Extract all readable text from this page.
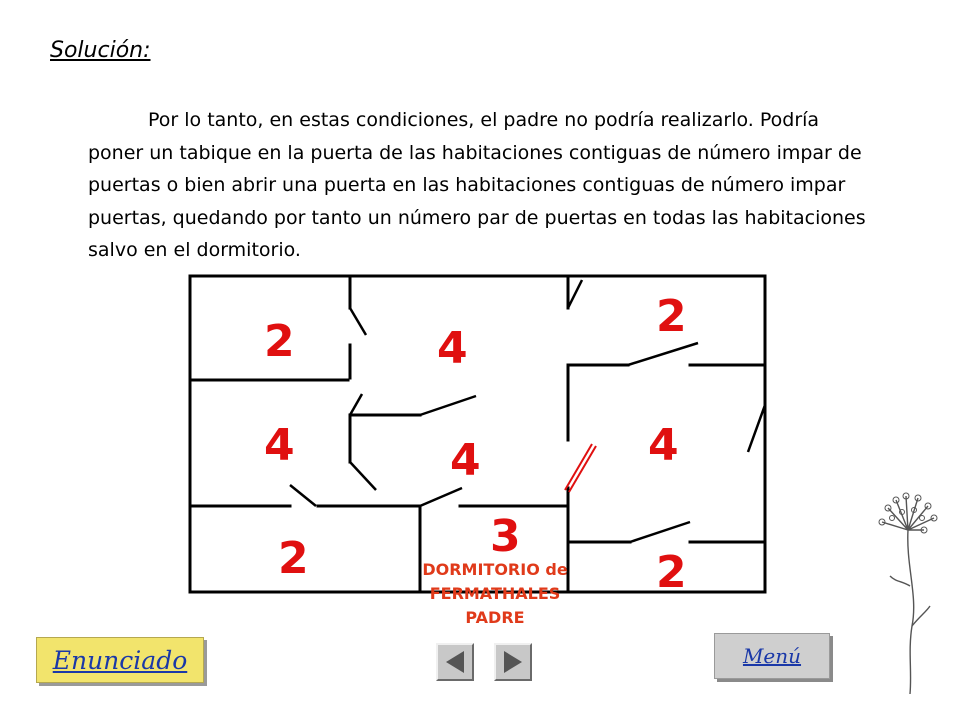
Solución:

Por lo tanto, en estas condiciones, el padre no podría realizarlo. Podría poner un tabique en la puerta de las habitaciones contiguas de número impar de puertas o bien abrir una puerta en las habitaciones contiguas de número impar puertas, quedando por tanto un número par de puertas en todas las habitaciones salvo en el dormitorio.

2	4
2
4	4	4
2	3
2
DORMITORIO de
FERMATHALES
PADRE
Enunciado	Menú
